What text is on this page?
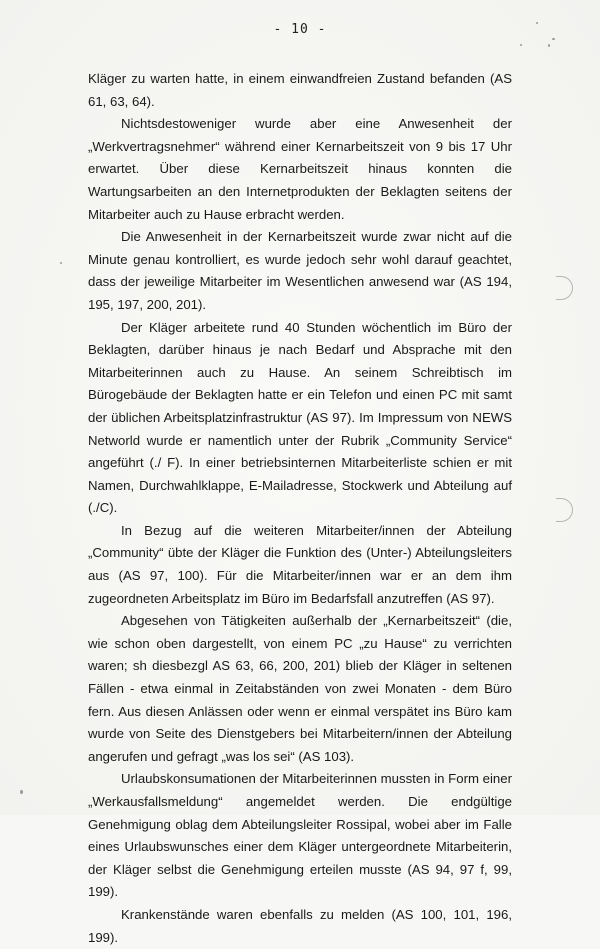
- 10 -

Kläger zu warten hatte, in einem einwandfreien Zustand befanden (AS 61, 63, 64).

Nichtsdestoweniger wurde aber eine Anwesenheit der „Werkvertragsnehmer“ während einer Kernarbeitszeit von 9 bis 17 Uhr erwartet. Über diese Kernarbeitszeit hinaus konnten die Wartungsarbeiten an den Internetprodukten der Beklagten seitens der Mitarbeiter auch zu Hause erbracht werden.

Die Anwesenheit in der Kernarbeitszeit wurde zwar nicht auf die Minute genau kontrolliert, es wurde jedoch sehr wohl darauf geachtet, dass der jeweilige Mitarbeiter im Wesentlichen anwesend war (AS 194, 195, 197, 200, 201).

Der Kläger arbeitete rund 40 Stunden wöchentlich im Büro der Beklagten, darüber hinaus je nach Bedarf und Absprache mit den Mitarbeiterinnen auch zu Hause. An seinem Schreibtisch im Bürogebäude der Beklagten hatte er ein Telefon und einen PC mit samt der üblichen Arbeitsplatzinfrastruktur (AS 97). Im Impressum von NEWS Networld wurde er namentlich unter der Rubrik „Community Service“ angeführt (./ F). In einer betriebsinternen Mitarbeiterliste schien er mit Namen, Durchwahlklappe, E-Mailadresse, Stockwerk und Abteilung auf (./C).

In Bezug auf die weiteren Mitarbeiter/innen der Abteilung „Community“ übte der Kläger die Funktion des (Unter-) Abteilungsleiters aus (AS 97, 100). Für die Mitarbeiter/innen war er an dem ihm zugeordneten Arbeitsplatz im Büro im Bedarfsfall anzutreffen (AS 97).

Abgesehen von Tätigkeiten außerhalb der „Kernarbeitszeit“ (die, wie schon oben dargestellt, von einem PC „zu Hause“ zu verrichten waren; sh diesbezgl AS 63, 66, 200, 201) blieb der Kläger in seltenen Fällen - etwa einmal in Zeitabständen von zwei Monaten - dem Büro fern. Aus diesen Anlässen oder wenn er einmal verspätet ins Büro kam wurde von Seite des Dienstgebers bei Mitarbeitern/innen der Abteilung angerufen und gefragt „was los sei“ (AS 103).

Urlaubskonsumationen der Mitarbeiterinnen mussten in Form einer „Werkausfallsmeldung“ angemeldet werden. Die endgültige Genehmigung oblag dem Abteilungsleiter Rossipal, wobei aber im Falle eines Urlaubswunsches einer dem Kläger untergeordnete Mitarbeiterin, der Kläger selbst die Genehmigung erteilen musste (AS 94, 97 f, 99, 199).

Krankenstände waren ebenfalls zu melden (AS 100, 101, 196, 199).
